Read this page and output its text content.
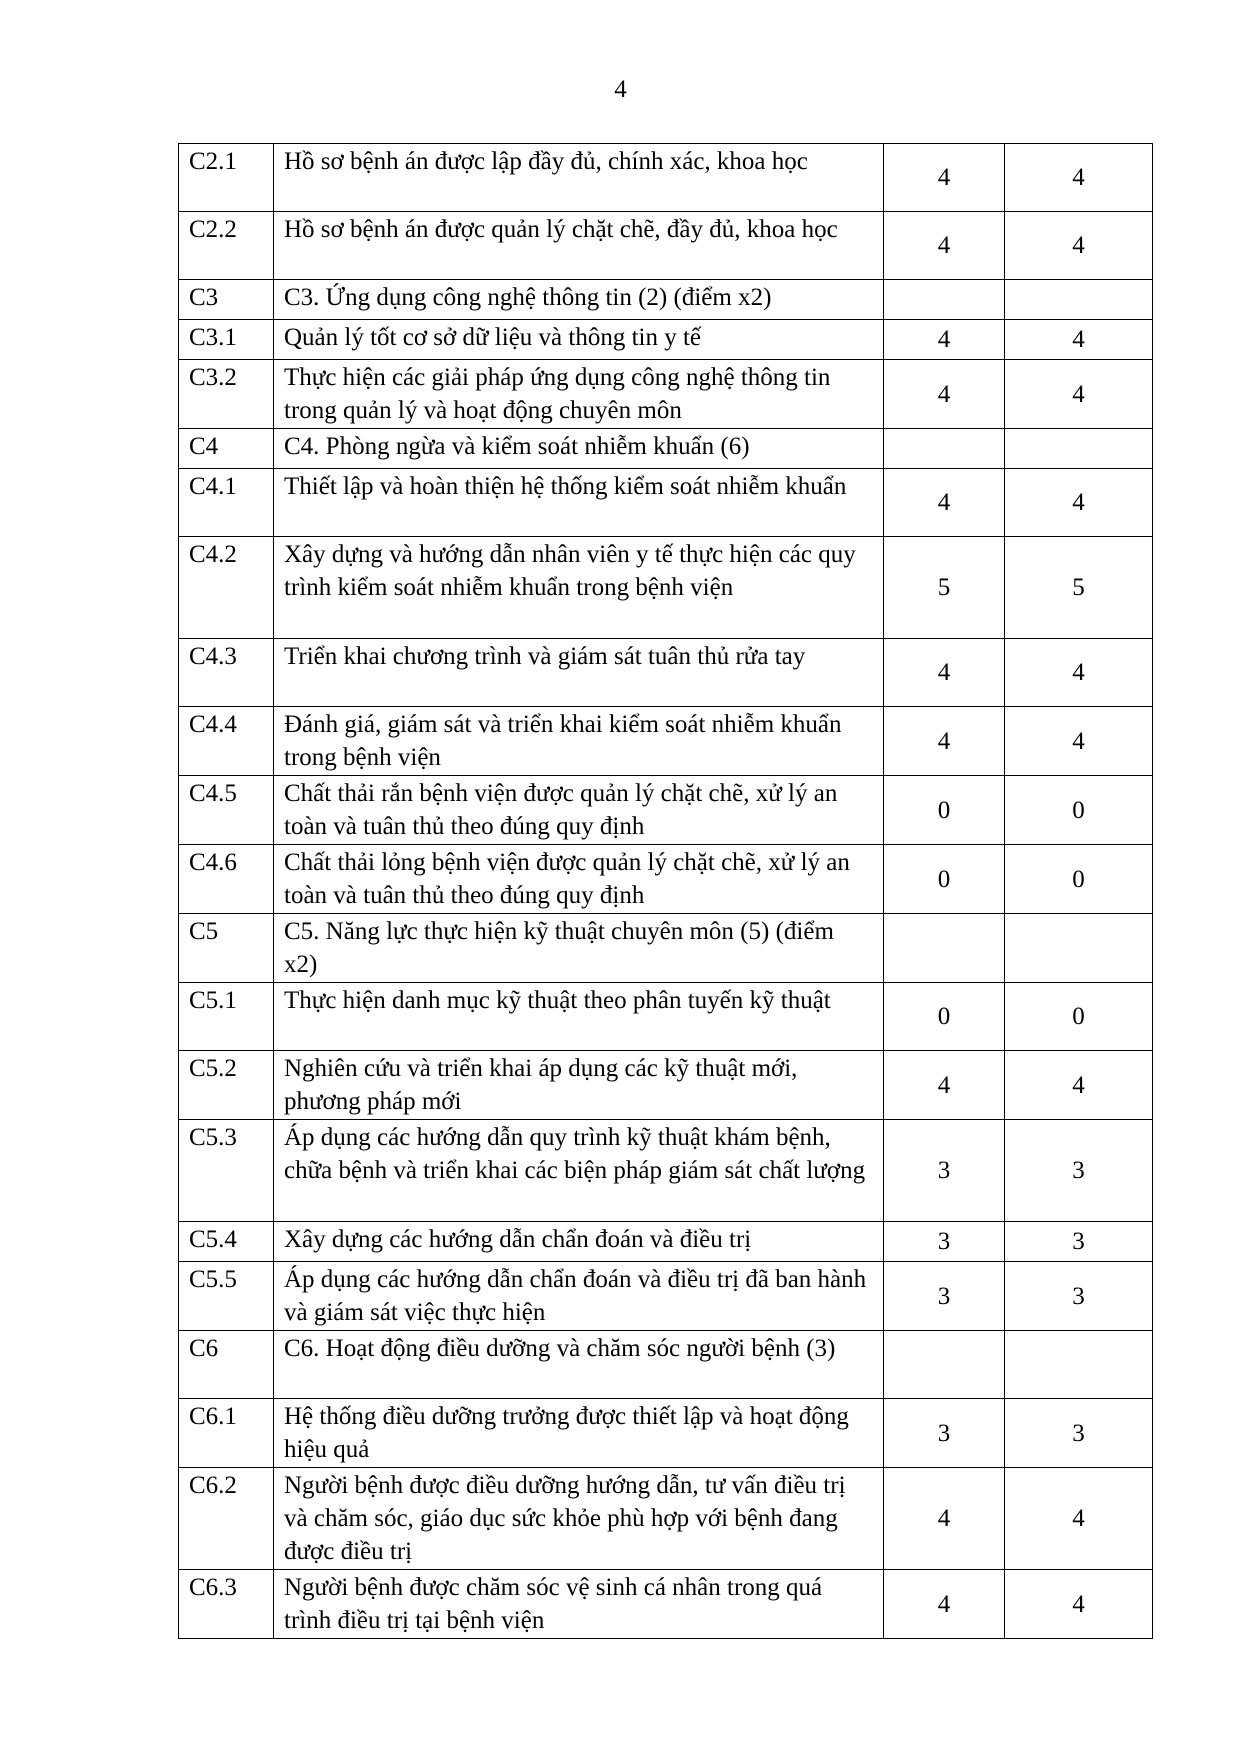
4
C2.1	Hồ sơ bệnh án được lập đầy đủ, chính xác, khoa học	4	4
C2.2	Hồ sơ bệnh án được quản lý chặt chẽ, đầy đủ, khoa học	4	4
C3	C3. Ứng dụng công nghệ thông tin (2) (điểm x2)		
C3.1	Quản lý tốt cơ sở dữ liệu và thông tin y tế	4	4
C3.2	Thực hiện các giải pháp ứng dụng công nghệ thông tin trong quản lý và hoạt động chuyên môn	4	4
C4	C4. Phòng ngừa và kiểm soát nhiễm khuẩn (6)		
C4.1	Thiết lập và hoàn thiện hệ thống kiểm soát nhiễm khuẩn	4	4
C4.2	Xây dựng và hướng dẫn nhân viên y tế thực hiện các quy trình kiểm soát nhiễm khuẩn trong bệnh viện	5	5
C4.3	Triển khai chương trình và giám sát tuân thủ rửa tay	4	4
C4.4	Đánh giá, giám sát và triển khai kiểm soát nhiễm khuẩn trong bệnh viện	4	4
C4.5	Chất thải rắn bệnh viện được quản lý chặt chẽ, xử lý an toàn và tuân thủ theo đúng quy định	0	0
C4.6	Chất thải lỏng bệnh viện được quản lý chặt chẽ, xử lý an toàn và tuân thủ theo đúng quy định	0	0
C5	C5. Năng lực thực hiện kỹ thuật chuyên môn (5) (điểm x2)		
C5.1	Thực hiện danh mục kỹ thuật theo phân tuyến kỹ thuật	0	0
C5.2	Nghiên cứu và triển khai áp dụng các kỹ thuật mới, phương pháp mới	4	4
C5.3	Áp dụng các hướng dẫn quy trình kỹ thuật khám bệnh, chữa bệnh và triển khai các biện pháp giám sát chất lượng	3	3
C5.4	Xây dựng các hướng dẫn chẩn đoán và điều trị	3	3
C5.5	Áp dụng các hướng dẫn chẩn đoán và điều trị đã ban hành và giám sát việc thực hiện	3	3
C6	C6. Hoạt động điều dưỡng và chăm sóc người bệnh (3)		
C6.1	Hệ thống điều dưỡng trưởng được thiết lập và hoạt động hiệu quả	3	3
C6.2	Người bệnh được điều dưỡng hướng dẫn, tư vấn điều trị và chăm sóc, giáo dục sức khỏe phù hợp với bệnh đang được điều trị	4	4
C6.3	Người bệnh được chăm sóc vệ sinh cá nhân trong quá trình điều trị tại bệnh viện	4	4
